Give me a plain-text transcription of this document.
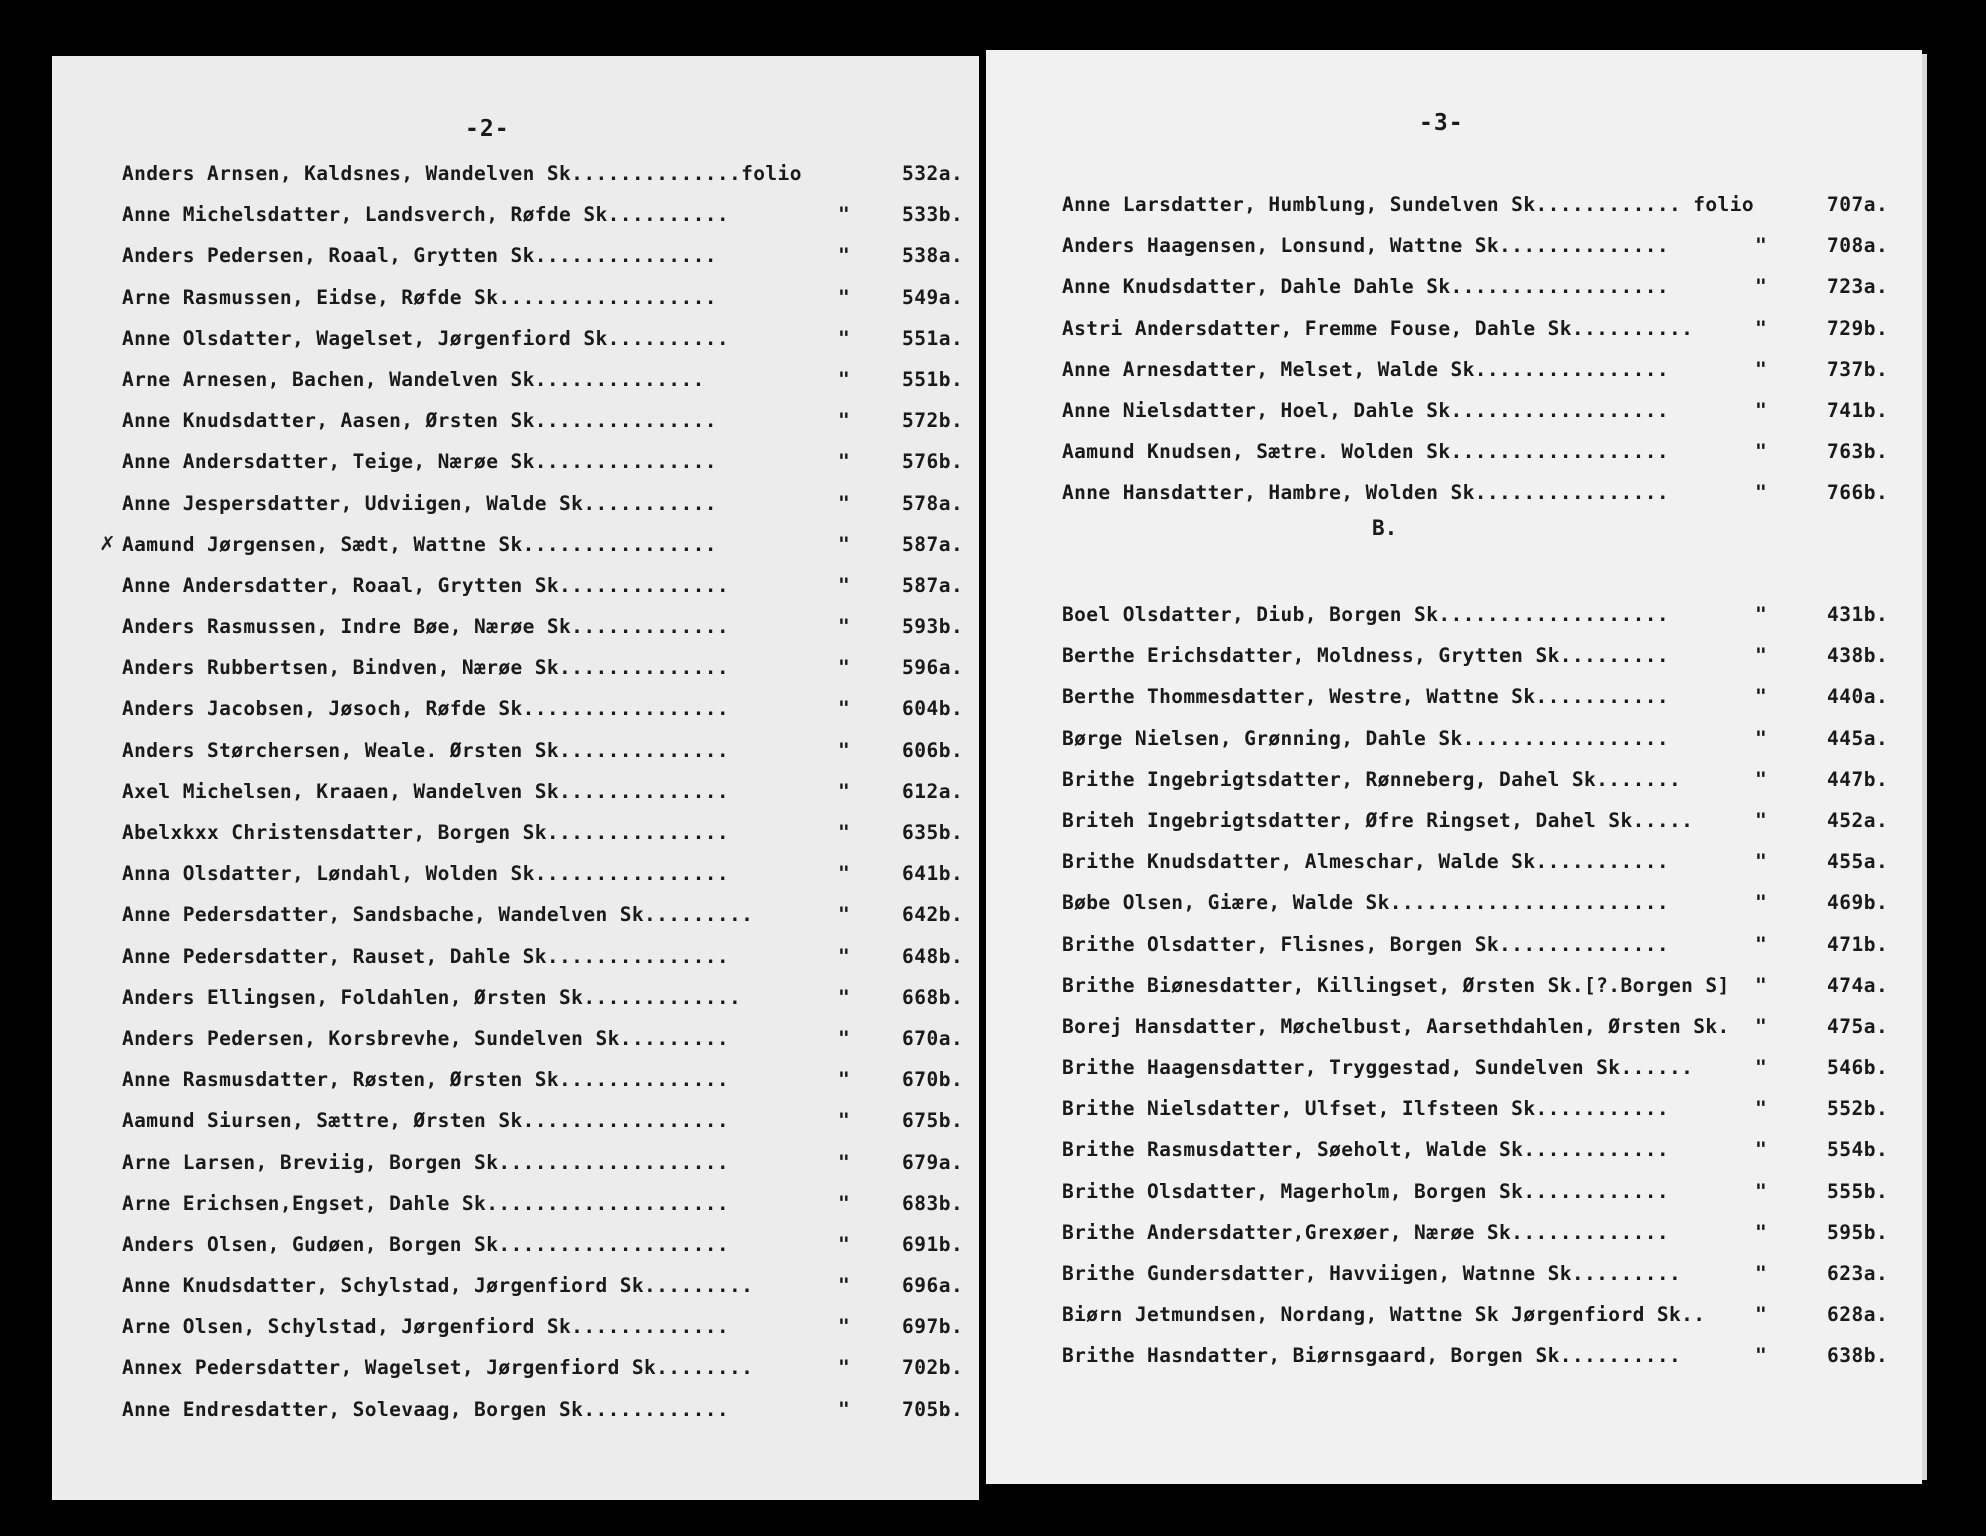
-2-
✗
Anders Arnsen, Kaldsnes, Wandelven Sk..............folio	532a.
Anne Michelsdatter, Landsverch, Røfde Sk..........	"	533b.
Anders Pedersen, Roaal, Grytten Sk...............	"	538a.
Arne Rasmussen, Eidse, Røfde Sk..................	"	549a.
Anne Olsdatter, Wagelset, Jørgenfiord Sk..........	"	551a.
Arne Arnesen, Bachen, Wandelven Sk..............	"	551b.
Anne Knudsdatter, Aasen, Ørsten Sk...............	"	572b.
Anne Andersdatter, Teige, Nærøe Sk...............	"	576b.
Anne Jespersdatter, Udviigen, Walde Sk...........	"	578a.
Aamund Jørgensen, Sædt, Wattne Sk................	"	587a.
Anne Andersdatter, Roaal, Grytten Sk..............	"	587a.
Anders Rasmussen, Indre Bøe, Nærøe Sk.............	"	593b.
Anders Rubbertsen, Bindven, Nærøe Sk..............	"	596a.
Anders Jacobsen, Jøsoch, Røfde Sk.................	"	604b.
Anders Størchersen, Weale. Ørsten Sk..............	"	606b.
Axel Michelsen, Kraaen, Wandelven Sk..............	"	612a.
Abelxkxx Christensdatter, Borgen Sk...............	"	635b.
Anna Olsdatter, Løndahl, Wolden Sk................	"	641b.
Anne Pedersdatter, Sandsbache, Wandelven Sk.........	"	642b.
Anne Pedersdatter, Rauset, Dahle Sk...............	"	648b.
Anders Ellingsen, Foldahlen, Ørsten Sk.............	"	668b.
Anders Pedersen, Korsbrevhe, Sundelven Sk.........	"	670a.
Anne Rasmusdatter, Røsten, Ørsten Sk..............	"	670b.
Aamund Siursen, Sættre, Ørsten Sk.................	"	675b.
Arne Larsen, Breviig, Borgen Sk...................	"	679a.
Arne Erichsen,Engset, Dahle Sk....................	"	683b.
Anders Olsen, Gudøen, Borgen Sk...................	"	691b.
Anne Knudsdatter, Schylstad, Jørgenfiord Sk.........	"	696a.
Arne Olsen, Schylstad, Jørgenfiord Sk.............	"	697b.
Annex Pedersdatter, Wagelset, Jørgenfiord Sk........	"	702b.
Anne Endresdatter, Solevaag, Borgen Sk............	"	705b.
-3-
Anne Larsdatter, Humblung, Sundelven Sk............ folio	707a.
Anders Haagensen, Lonsund, Wattne Sk..............	"	708a.
Anne Knudsdatter, Dahle Dahle Sk..................	"	723a.
Astri Andersdatter, Fremme Fouse, Dahle Sk..........	"	729b.
Anne Arnesdatter, Melset, Walde Sk................	"	737b.
Anne Nielsdatter, Hoel, Dahle Sk..................	"	741b.
Aamund Knudsen, Sætre. Wolden Sk..................	"	763b.
Anne Hansdatter, Hambre, Wolden Sk................	"	766b.
B.
Boel Olsdatter, Diub, Borgen Sk...................	"	431b.
Berthe Erichsdatter, Moldness, Grytten Sk.........	"	438b.
Berthe Thommesdatter, Westre, Wattne Sk...........	"	440a.
Børge Nielsen, Grønning, Dahle Sk.................	"	445a.
Brithe Ingebrigtsdatter, Rønneberg, Dahel Sk.......	"	447b.
Briteh Ingebrigtsdatter, Øfre Ringset, Dahel Sk.....	"	452a.
Brithe Knudsdatter, Almeschar, Walde Sk...........	"	455a.
Bøbe Olsen, Giære, Walde Sk.......................	"	469b.
Brithe Olsdatter, Flisnes, Borgen Sk..............	"	471b.
Brithe Biønesdatter, Killingset, Ørsten Sk.[?.Borgen S] "	474a.
Borej Hansdatter, Møchelbust, Aarsethdahlen, Ørsten Sk. "	475a.
Brithe Haagensdatter, Tryggestad, Sundelven Sk......	"	546b.
Brithe Nielsdatter, Ulfset, Ilfsteen Sk...........	"	552b.
Brithe Rasmusdatter, Søeholt, Walde Sk............	"	554b.
Brithe Olsdatter, Magerholm, Borgen Sk............	"	555b.
Brithe Andersdatter,Grexøer, Nærøe Sk.............	"	595b.
Brithe Gundersdatter, Havviigen, Watnne Sk.........	"	623a.
Biørn Jetmundsen, Nordang, Wattne Sk Jørgenfiord Sk..	"	628a.
Brithe Hasndatter, Biørnsgaard, Borgen Sk..........	"	638b.
